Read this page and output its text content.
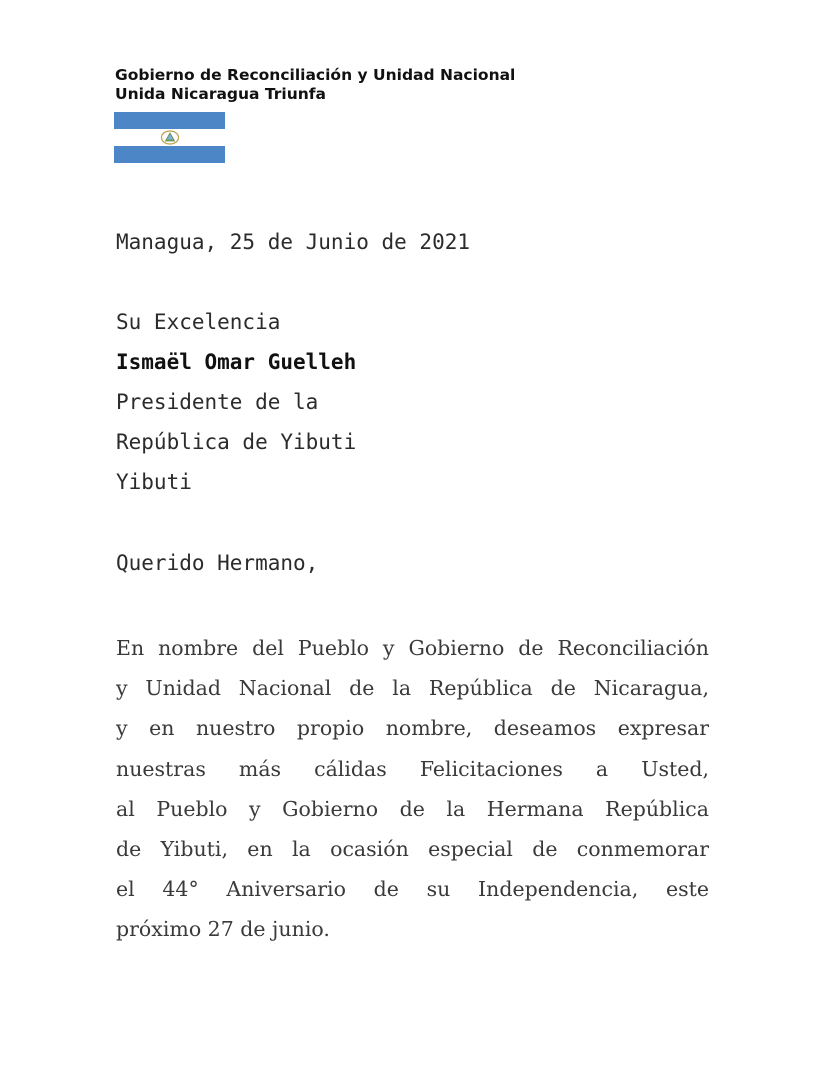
Gobierno de Reconciliación y Unidad Nacional
Unida Nicaragua Triunfa
Managua, 25 de Junio de 2021
Su Excelencia
Ismaël Omar Guelleh
Presidente de la
República de Yibuti
Yibuti
Querido Hermano,
En nombre del Pueblo y Gobierno de Reconciliación
y Unidad Nacional de la República de Nicaragua,
y en nuestro propio nombre, deseamos expresar
nuestras más cálidas Felicitaciones a Usted,
al Pueblo y Gobierno de la Hermana República
de Yibuti, en la ocasión especial de conmemorar
el 44° Aniversario de su Independencia, este
próximo 27 de junio.
